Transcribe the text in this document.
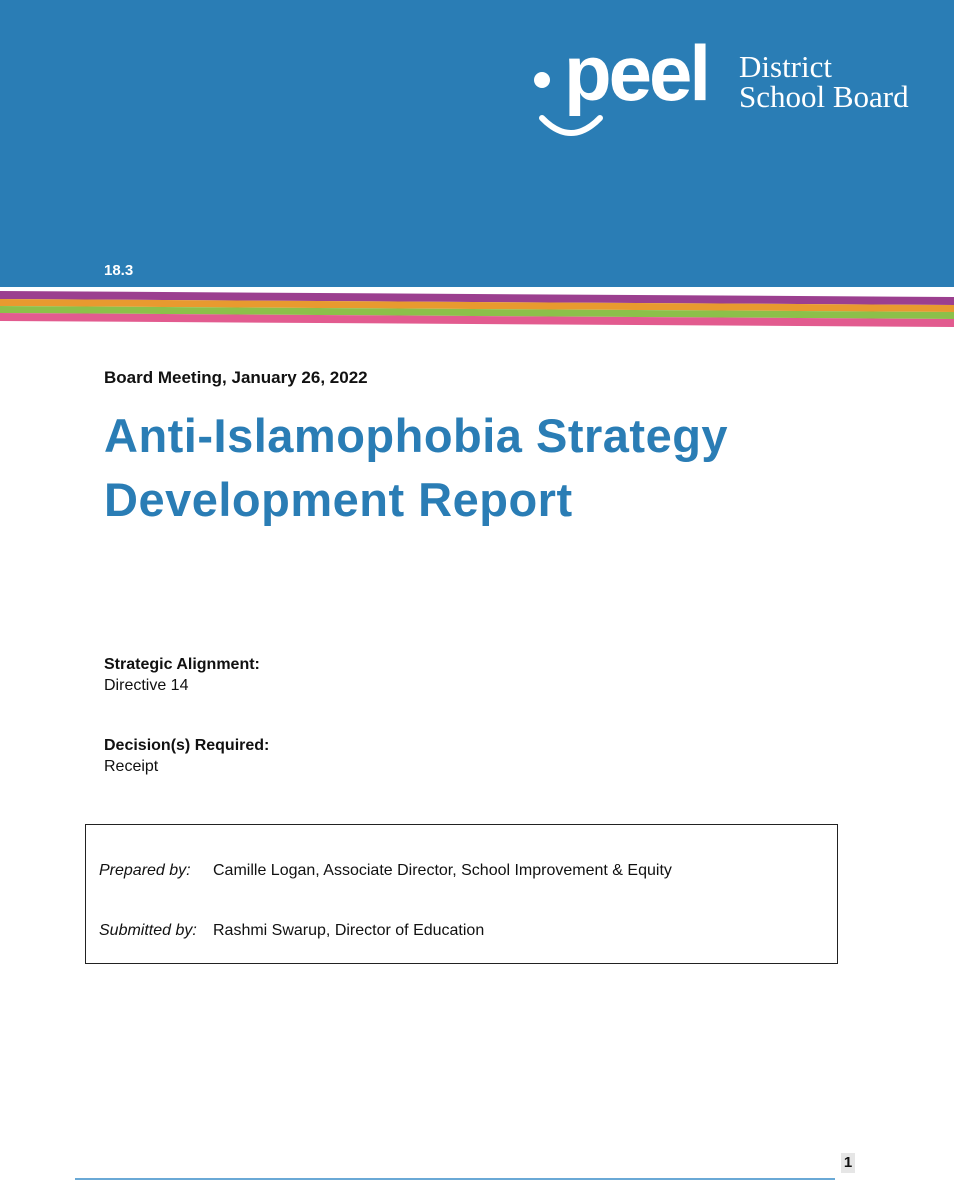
peel District
School Board
18.3
Board Meeting, January 26, 2022
Anti-Islamophobia Strategy
Development Report
Strategic Alignment:
Directive 14
Decision(s) Required:
Receipt
Prepared by: Camille Logan, Associate Director, School Improvement & Equity
Submitted by: Rashmi Swarup, Director of Education
1
